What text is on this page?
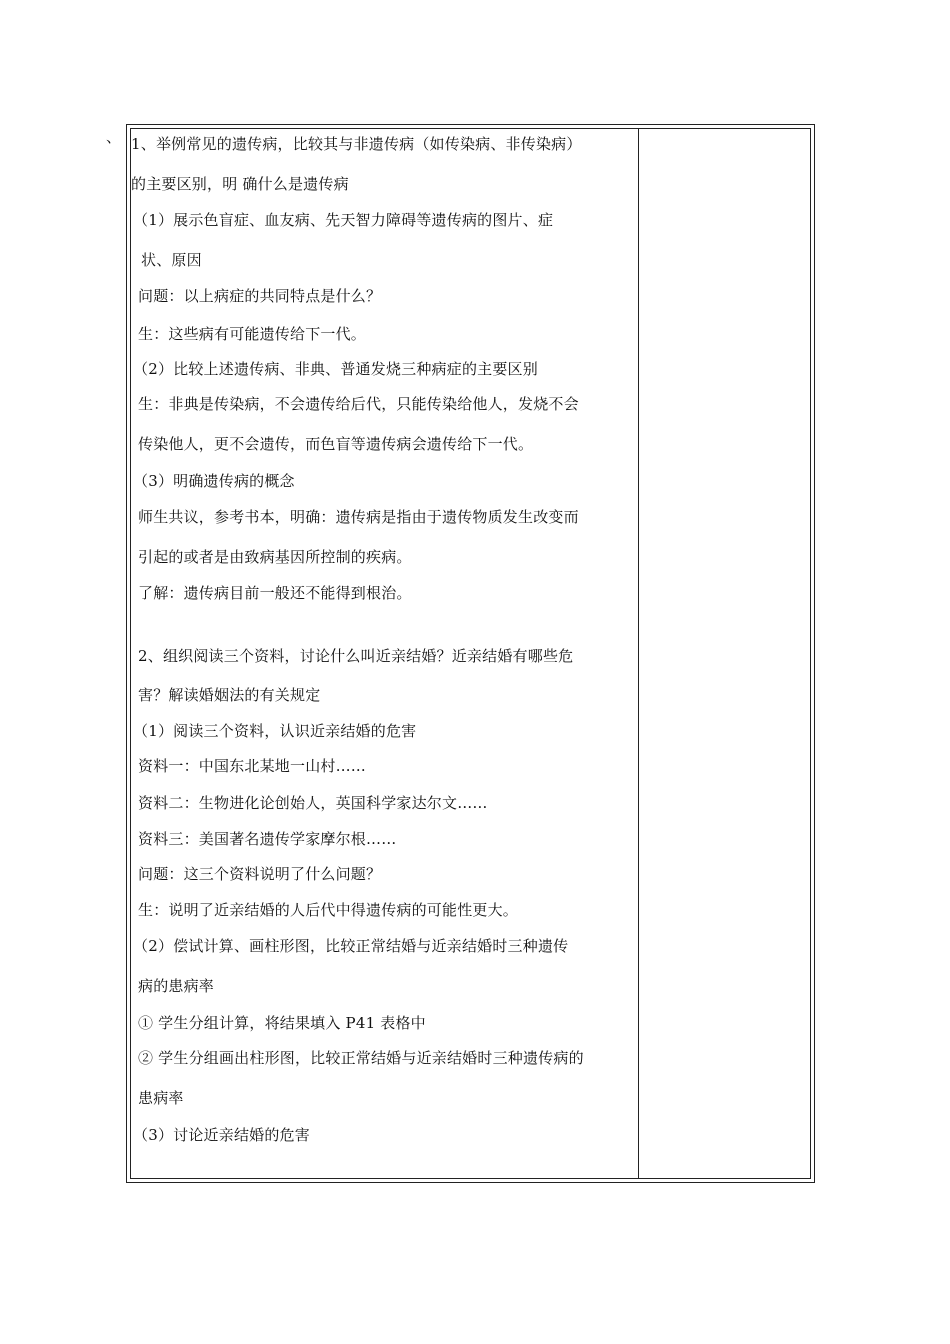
、 1、举例常见的遗传病，比较其与非遗传病（如传染病、非传染病）
的主要区别，明 确什么是遗传病
（1）展示色盲症、血友病、先天智力障碍等遗传病的图片、症
状、原因
问题：以上病症的共同特点是什么？
生：这些病有可能遗传给下一代。
（2）比较上述遗传病、非典、普通发烧三种病症的主要区别
生：非典是传染病，不会遗传给后代，只能传染给他人，发烧不会
传染他人，更不会遗传，而色盲等遗传病会遗传给下一代。
（3）明确遗传病的概念
师生共议，参考书本，明确：遗传病是指由于遗传物质发生改变而
引起的或者是由致病基因所控制的疾病。
了解：遗传病目前一般还不能得到根治。
2、组织阅读三个资料，讨论什么叫近亲结婚？近亲结婚有哪些危
害？解读婚姻法的有关规定
（1）阅读三个资料，认识近亲结婚的危害
资料一：中国东北某地一山村……
资料二：生物进化论创始人，英国科学家达尔文……
资料三：美国著名遗传学家摩尔根……
问题：这三个资料说明了什么问题？
生：说明了近亲结婚的人后代中得遗传病的可能性更大。
（2）偿试计算、画柱形图，比较正常结婚与近亲结婚时三种遗传
病的患病率
① 学生分组计算，将结果填入 P41 表格中
② 学生分组画出柱形图，比较正常结婚与近亲结婚时三种遗传病的
患病率
（3）讨论近亲结婚的危害
